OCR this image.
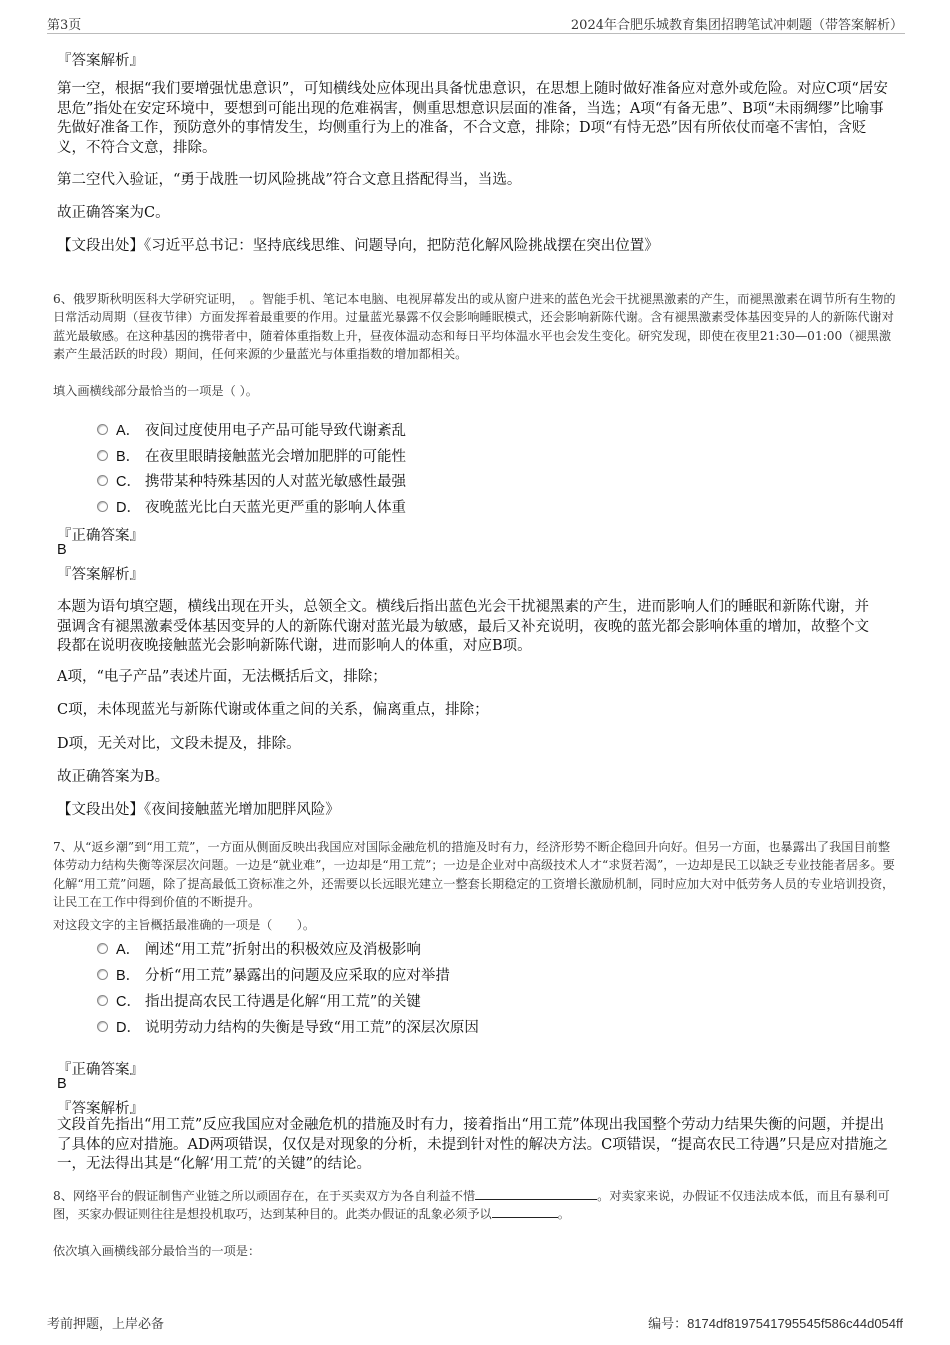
第3页	2024年合肥乐城教育集团招聘笔试冲刺题（带答案解析）
『答案解析』
第一空，根据“我们要增强忧患意识”，可知横线处应体现出具备忧患意识，在思想上随时做好准备应对意外或危险。对应C项“居安思危”指处在安定环境中，要想到可能出现的危难祸害，侧重思想意识层面的准备，当选；A项“有备无患”、B项“未雨绸缪”比喻事先做好准备工作，预防意外的事情发生，均侧重行为上的准备，不合文意，排除；D项“有恃无恐”因有所依仗而毫不害怕，含贬义，不符合文意，排除。
第二空代入验证，“勇于战胜一切风险挑战”符合文意且搭配得当，当选。
故正确答案为C。
【文段出处】《习近平总书记：坚持底线思维、问题导向，把防范化解风险挑战摆在突出位置》
6、俄罗斯秋明医科大学研究证明，　。智能手机、笔记本电脑、电视屏幕发出的或从窗户进来的蓝色光会干扰褪黑激素的产生，而褪黑激素在调节所有生物的日常活动周期（昼夜节律）方面发挥着最重要的作用。过量蓝光暴露不仅会影响睡眠模式，还会影响新陈代谢。含有褪黑激素受体基因变异的人的新陈代谢对蓝光最敏感。在这种基因的携带者中，随着体重指数上升，昼夜体温动态和每日平均体温水平也会发生变化。研究发现，即使在夜里21:30—01:00（褪黑激素产生最活跃的时段）期间，任何来源的少量蓝光与体重指数的增加都相关。
填入画横线部分最恰当的一项是（ ）。
A． 夜间过度使用电子产品可能导致代谢紊乱
B． 在夜里眼睛接触蓝光会增加肥胖的可能性
C． 携带某种特殊基因的人对蓝光敏感性最强
D． 夜晚蓝光比白天蓝光更严重的影响人体重
『正确答案』
B
『答案解析』
本题为语句填空题，横线出现在开头，总领全文。横线后指出蓝色光会干扰褪黑素的产生，进而影响人们的睡眠和新陈代谢，并强调含有褪黑激素受体基因变异的人的新陈代谢对蓝光最为敏感，最后又补充说明，夜晚的蓝光都会影响体重的增加，故整个文段都在说明夜晚接触蓝光会影响新陈代谢，进而影响人的体重，对应B项。
A项，“电子产品”表述片面，无法概括后文，排除；
C项，未体现蓝光与新陈代谢或体重之间的关系，偏离重点，排除；
D项，无关对比，文段未提及，排除。
故正确答案为B。
【文段出处】《夜间接触蓝光增加肥胖风险》
7、从“返乡潮”到“用工荒”，一方面从侧面反映出我国应对国际金融危机的措施及时有力，经济形势不断企稳回升向好。但另一方面，也暴露出了我国目前整体劳动力结构失衡等深层次问题。一边是“就业难”，一边却是“用工荒”；一边是企业对中高级技术人才“求贤若渴”，一边却是民工以缺乏专业技能者居多。要化解“用工荒”问题，除了提高最低工资标准之外，还需要以长远眼光建立一整套长期稳定的工资增长激励机制，同时应加大对中低劳务人员的专业培训投资，让民工在工作中得到价值的不断提升。
对这段文字的主旨概括最准确的一项是（　　）。
A． 阐述“用工荒”折射出的积极效应及消极影响
B． 分析“用工荒”暴露出的问题及应采取的应对举措
C． 指出提高农民工待遇是化解“用工荒”的关键
D． 说明劳动力结构的失衡是导致“用工荒”的深层次原因
『正确答案』
B
『答案解析』
文段首先指出“用工荒”反应我国应对金融危机的措施及时有力，接着指出“用工荒”体现出我国整个劳动力结果失衡的问题，并提出了具体的应对措施。AD两项错误，仅仅是对现象的分析，未提到针对性的解决方法。C项错误，“提高农民工待遇”只是应对措施之一，无法得出其是“化解‘用工荒’的关键”的结论。
8、网络平台的假证制售产业链之所以顽固存在，在于买卖双方为各自利益不惜	。对卖家来说，办假证不仅违法成本低，而且有暴利可图，买家办假证则往往是想投机取巧，达到某种目的。此类办假证的乱象必须予以	。
依次填入画横线部分最恰当的一项是：
考前押题，上岸必备	编号：8174df8197541795545f586c44d054ff
